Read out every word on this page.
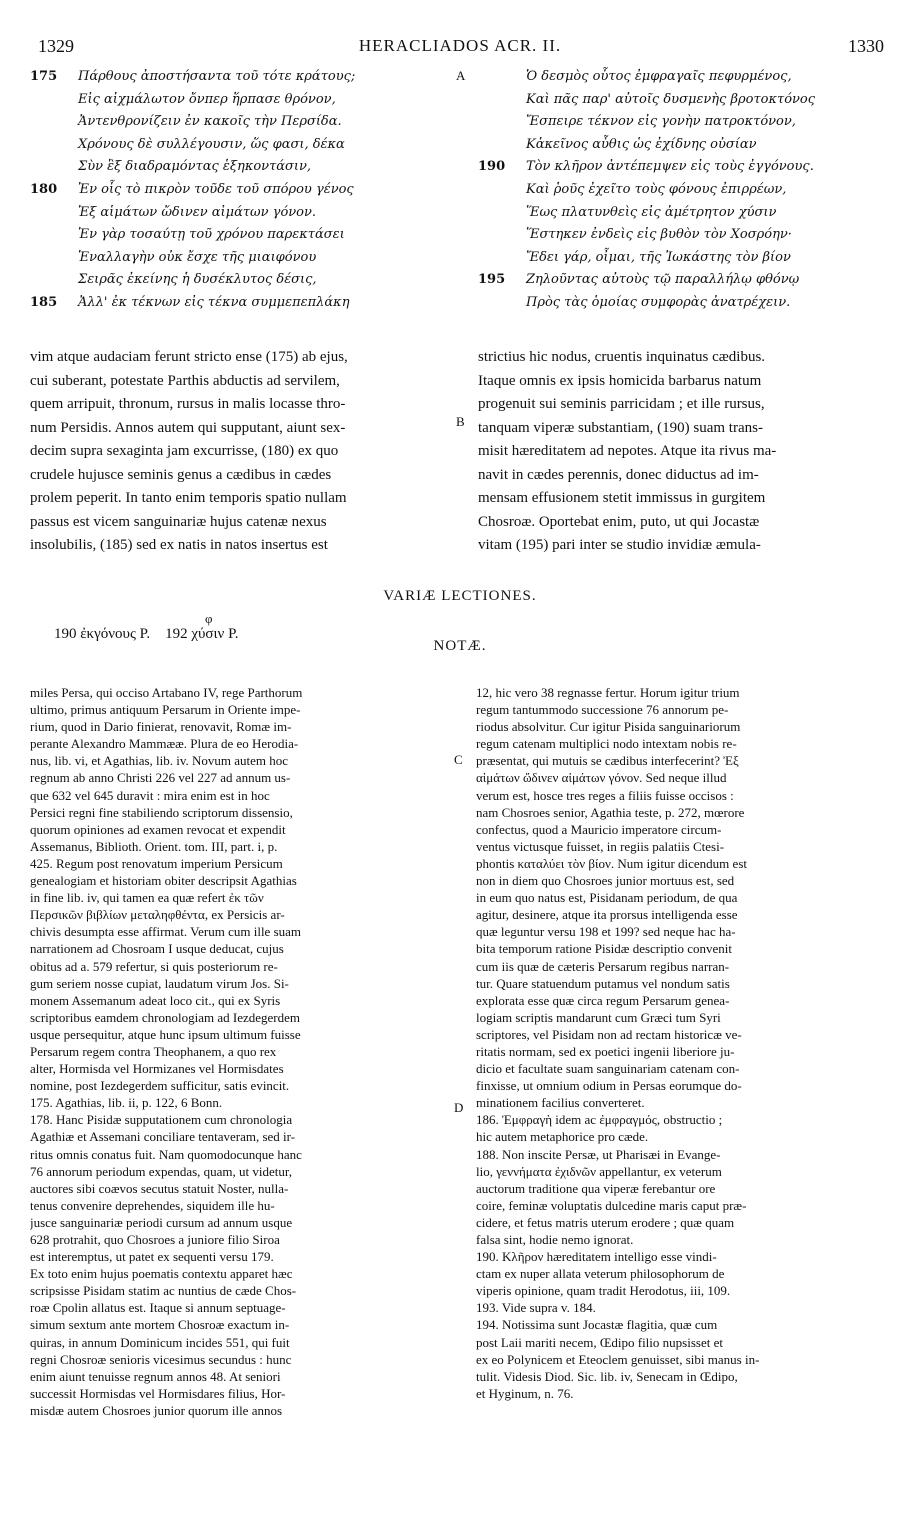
1329	HERACLIADOS ACR. II.	1330
175 Πάρθους ἀποστήσαντα τοῦ τότε κράτους;
Εἰς αἰχμάλωτον ὄνπερ ἥρπασε θρόνον,
Ἀντενθρονίζειν ἐν κακοῖς τὴν Περσίδα.
Χρόνους δὲ συλλέγουσιν, ὥς φασι, δέκα
Σὺν ἓξ διαδραμόντας ἑξηκοντάσιν,
180 Ἐν οἷς τὸ πικρὸν τοῦδε τοῦ σπόρου γένος
Ἐξ αἱμάτων ὤδινεν αἱμάτων γόνον.
Ἐν γὰρ τοσαύτῃ τοῦ χρόνου παρεκτάσει
Ἐναλλαγὴν οὐκ ἔσχε τῆς μιαιφόνου
Σειρᾶς ἐκείνης ἡ δυσέκλυτος δέσις,
185 Ἀλλ' ἐκ τέκνων εἰς τέκνα συμμεπεπλάκη
A	Ὁ δεσμὸς οὗτος ἐμφραγαῖς πεφυρμένος,
Καὶ πᾶς παρ' αὐτοῖς δυσμενὴς βροτοκτόνος
Ἔσπειρε τέκνον εἰς γονὴν πατροκτόνον,
Κἀκεῖνος αὖθις ὡς ἐχίδνης οὐσίαν
190 Τὸν κλῆρον ἀντέπεμψεν εἰς τοὺς ἐγγόνους.
Καὶ ῥοῦς ἐχεῖτο τοὺς φόνους ἐπιρρέων,
Ἕως πλατυνθεὶς εἰς ἀμέτρητον χύσιν
Ἕστηκεν ἐνδεὶς εἰς βυθὸν τὸν Χοσρόην·
Ἔδει γάρ, οἶμαι, τῆς Ἰωκάστης τὸν βίον
195 Ζηλοῦντας αὐτοὺς τῷ παραλλήλῳ φθόνῳ
Πρὸς τὰς ὁμοίας συμφορὰς ἀνατρέχειν.
vim atque audaciam ferunt stricto ense (175) ab ejus,
cui suberant, potestate Parthis abductis ad servilem,
quem arripuit, thronum, rursus in malis locasse thro-
num Persidis. Annos autem qui supputant, aiunt sex-
decim supra sexaginta jam excurrisse, (180) ex quo
crudele hujusce seminis genus a cædibus in cædes
prolem peperit. In tanto enim temporis spatio nullam
passus est vicem sanguinariæ hujus catenæ nexus
insolubilis, (185) sed ex natis in natos insertus est
B
strictius hic nodus, cruentis inquinatus cædibus.
Itaque omnis ex ipsis homicida barbarus natum
progenuit sui seminis parricidam ; et ille rursus,
tanquam viperæ substantiam, (190) suam trans-
misit hæreditatem ad nepotes. Atque ita rivus ma-
navit in cædes perennis, donec diductus ad im-
mensam effusionem stetit immissus in gurgitem
Chosroæ. Oportebat enim, puto, ut qui Jocastæ
vitam (195) pari inter se studio invidiæ æmula-
VARIÆ LECTIONES.
190 ἐκγόνους P. 192
φ
χύσιν P.
NOTÆ.
miles Persa, qui occiso Artabano IV, rege Parthorum
ultimo, primus antiquum Persarum in Oriente impe-
rium, quod in Dario finierat, renovavit, Romæ im-
perante Alexandro Mammææ. Plura de eo Herodia-
nus, lib. vi, et Agathias, lib. iv. Novum autem hoc
regnum ab anno Christi 226 vel 227 ad annum us-
que 632 vel 645 duravit : mira enim est in hoc
Persici regni fine stabiliendo scriptorum dissensio,
quorum opiniones ad examen revocat et expendit
Assemanus, Biblioth. Orient. tom. III, part. i, p.
425. Regum post renovatum imperium Persicum
genealogiam et historiam obiter descripsit Agathias
in fine lib. iv, qui tamen ea quæ refert ἐκ τῶν
Περσικῶν βιβλίων μεταληφθέντα, ex Persicis ar-
chivis desumpta esse affirmat. Verum cum ille suam
narrationem ad Chosroam I usque deducat, cujus
obitus ad a. 579 refertur, si quis posteriorum re-
gum seriem nosse cupiat, laudatum virum Jos. Si-
monem Assemanum adeat loco cit., qui ex Syris
scriptoribus eamdem chronologiam ad Iezdegerdem
usque persequitur, atque hunc ipsum ultimum fuisse
Persarum regem contra Theophanem, a quo rex
alter, Hormisda vel Hormizanes vel Hormisdates
nomine, post Iezdegerdem sufficitur, satis evincit.
175. Agathias, lib. ii, p. 122, 6 Bonn.
178. Hanc Pisidæ supputationem cum chronologia
Agathiæ et Assemani conciliare tentaveram, sed ir-
ritus omnis conatus fuit. Nam quomodocunque hanc
76 annorum periodum expendas, quam, ut videtur,
auctores sibi coævos secutus statuit Noster, nulla-
tenus convenire deprehendes, siquidem ille hu-
jusce sanguinariæ periodi cursum ad annum usque
628 protrahit, quo Chosroes a juniore filio Siroa
est interemptus, ut patet ex sequenti versu 179.
Ex toto enim hujus poematis contextu apparet hæc
scripsisse Pisidam statim ac nuntius de cæde Chos-
roæ Cpolin allatus est. Itaque si annum septuage-
simum sextum ante mortem Chosroæ exactum in-
quiras, in annum Dominicum incides 551, qui fuit
regni Chosroæ senioris vicesimus secundus : hunc
enim aiunt tenuisse regnum annos 48. At seniori
successit Hormisdas vel Hormisdares filius, Hor-
misdæ autem Chosroes junior quorum ille annos
C
D
12, hic vero 38 regnasse fertur. Horum igitur trium
regum tantummodo successione 76 annorum pe-
riodus absolvitur. Cur igitur Pisida sanguinariorum
regum catenam multiplici nodo intextam nobis re-
præsentat, qui mutuis se cædibus interfecerint? Ἐξ
αἱμάτων ὤδινεν αἱμάτων γόνον. Sed neque illud
verum est, hosce tres reges a filiis fuisse occisos :
nam Chosroes senior, Agathia teste, p. 272, mœrore
confectus, quod a Mauricio imperatore circum-
ventus victusque fuisset, in regiis palatiis Ctesi-
phontis καταλύει τὸν βίον. Num igitur dicendum est
non in diem quo Chosroes junior mortuus est, sed
in eum quo natus est, Pisidanam periodum, de qua
agitur, desinere, atque ita prorsus intelligenda esse
quæ leguntur versu 198 et 199? sed neque hac ha-
bita temporum ratione Pisidæ descriptio convenit
cum iis quæ de cæteris Persarum regibus narran-
tur. Quare statuendum putamus vel nondum satis
explorata esse quæ circa regum Persarum genea-
logiam scriptis mandarunt cum Græci tum Syri
scriptores, vel Pisidam non ad rectam historicæ ve-
ritatis normam, sed ex poetici ingenii liberiore ju-
dicio et facultate suam sanguinariam catenam con-
finxisse, ut omnium odium in Persas eorumque do-
minationem facilius converteret.
186. Ἐμφραγὴ idem ac ἐμφραγμός, obstructio ;
hic autem metaphorice pro cæde.
188. Non inscite Persæ, ut Pharisæi in Evange-
lio, γεννήματα ἐχιδνῶν appellantur, ex veterum
auctorum traditione qua viperæ ferebantur ore
coire, feminæ voluptatis dulcedine maris caput præ-
cidere, et fetus matris uterum erodere ; quæ quam
falsa sint, hodie nemo ignorat.
190. Κλῆρον hæreditatem intelligo esse vindi-
ctam ex nuper allata veterum philosophorum de
viperis opinione, quam tradit Herodotus, iii, 109.
193. Vide supra v. 184.
194. Notissima sunt Jocastæ flagitia, quæ cum
post Laii mariti necem, Œdipo filio nupsisset et
ex eo Polynicem et Eteoclem genuisset, sibi manus in-
tulit. Videsis Diod. Sic. lib. iv, Senecam in Œdipo,
et Hyginum, n. 76.
